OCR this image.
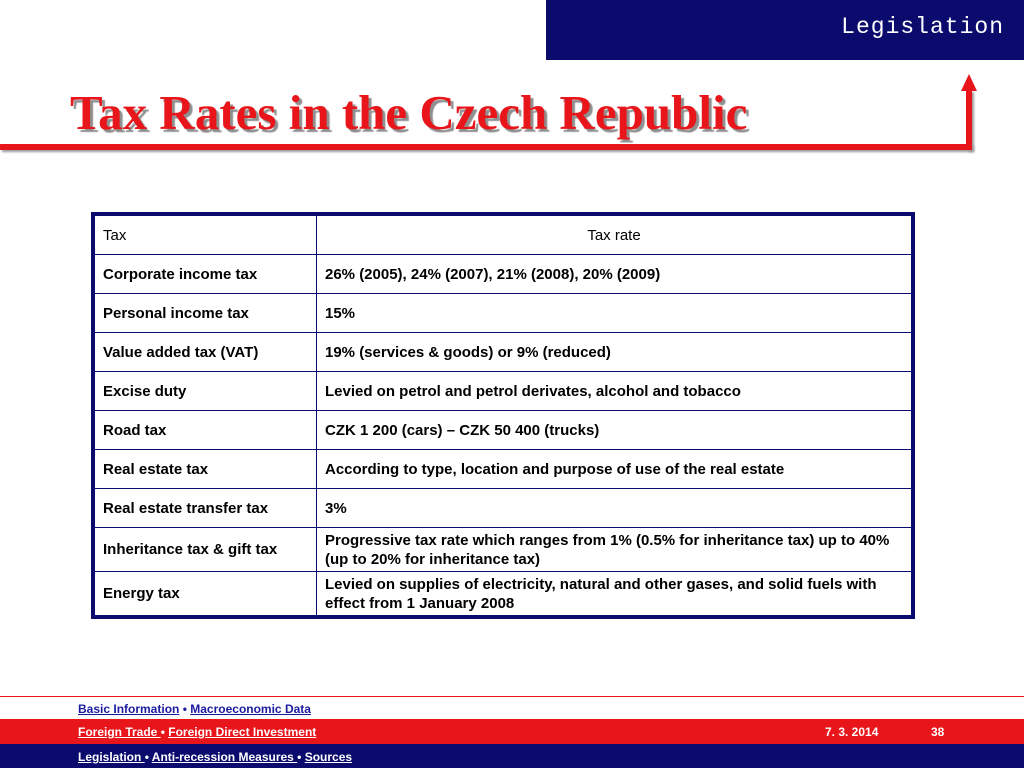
Legislation
Tax Rates in the Czech Republic
Tax	Tax rate
Corporate income tax	26% (2005), 24% (2007), 21% (2008), 20% (2009)
Personal income tax	15%
Value added tax (VAT)	19% (services & goods) or 9% (reduced)
Excise duty	Levied on petrol and petrol derivates, alcohol and tobacco
Road tax	CZK 1 200 (cars) – CZK 50 400 (trucks)
Real estate tax	According to type, location and purpose of use of the real estate
Real estate transfer tax	3%
Inheritance tax & gift tax	Progressive tax rate which ranges from 1% (0.5% for inheritance tax) up to 40% (up to 20% for inheritance tax)
Energy tax	Levied on supplies of electricity, natural and other gases, and solid fuels with effect from 1 January 2008
Basic Information • Macroeconomic Data
Foreign Trade • Foreign Direct Investment	7. 3. 2014	38
Legislation • Anti-recession Measures • Sources
